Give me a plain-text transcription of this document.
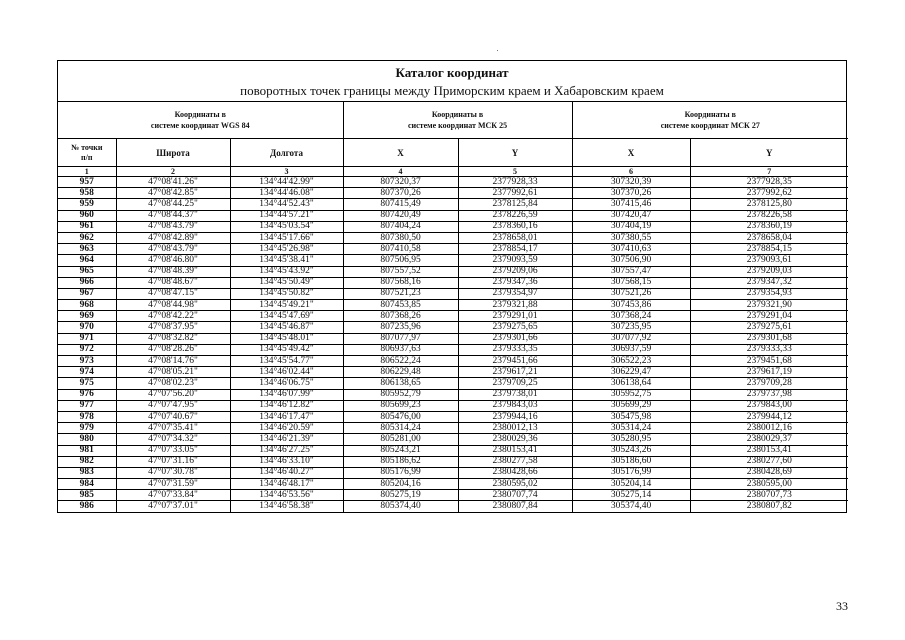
Каталог координат
поворотных точек границы между Приморским краем и Хабаровским краем
Координаты в
системе координат WGS 84			Координаты в
системе координат МСК 25		Координаты в
системе координат МСК 27	

№ точки
п/п	Широта	Долгота	X	Y	X	Y
1	2	3	4	5	6	7
957	47°08'41.26"	134°44'42.99"	807320,37	2377928,33	307320,39	2377928,35
958	47°08'42.85"	134°44'46.08"	807370,26	2377992,61	307370,26	2377992,62
959	47°08'44.25"	134°44'52.43"	807415,49	2378125,84	307415,46	2378125,80
960	47°08'44.37"	134°44'57.21"	807420,49	2378226,59	307420,47	2378226,58
961	47°08'43.79"	134°45'03.54"	807404,24	2378360,16	307404,19	2378360,19
962	47°08'42.89"	134°45'17.66"	807380,50	2378658,01	307380,55	2378658,04
963	47°08'43.79"	134°45'26.98"	807410,58	2378854,17	307410,63	2378854,15
964	47°08'46.80"	134°45'38.41"	807506,95	2379093,59	307506,90	2379093,61
965	47°08'48.39"	134°45'43.92"	807557,52	2379209,06	307557,47	2379209,03
966	47°08'48.67"	134°45'50.49"	807568,16	2379347,36	307568,15	2379347,32
967	47°08'47.15"	134°45'50.82"	807521,23	2379354,97	307521,26	2379354,93
968	47°08'44.98"	134°45'49.21"	807453,85	2379321,88	307453,86	2379321,90
969	47°08'42.22"	134°45'47.69"	807368,26	2379291,01	307368,24	2379291,04
970	47°08'37.95"	134°45'46.87"	807235,96	2379275,65	307235,95	2379275,61
971	47°08'32.82"	134°45'48.01"	807077,97	2379301,66	307077,92	2379301,68
972	47°08'28.26"	134°45'49.42"	806937,63	2379333,35	306937,59	2379333,33
973	47°08'14.76"	134°45'54.77"	806522,24	2379451,66	306522,23	2379451,68
974	47°08'05.21"	134°46'02.44"	806229,48	2379617,21	306229,47	2379617,19
975	47°08'02.23"	134°46'06.75"	806138,65	2379709,25	306138,64	2379709,28
976	47°07'56.20"	134°46'07.99"	805952,79	2379738,01	305952,75	2379737,98
977	47°07'47.95"	134°46'12.82"	805699,23	2379843,03	305699,29	2379843,00
978	47°07'40.67"	134°46'17.47"	805476,00	2379944,16	305475,98	2379944,12
979	47°07'35.41"	134°46'20.59"	805314,24	2380012,13	305314,24	2380012,16
980	47°07'34.32"	134°46'21.39"	805281,00	2380029,36	305280,95	2380029,37
981	47°07'33.05"	134°46'27.25"	805243,21	2380153,41	305243,26	2380153,41
982	47°07'31.16"	134°46'33.10"	805186,62	2380277,58	305186,60	2380277,60
983	47°07'30.78"	134°46'40.27"	805176,99	2380428,66	305176,99	2380428,69
984	47°07'31.59"	134°46'48.17"	805204,16	2380595,02	305204,14	2380595,00
985	47°07'33.84"	134°46'53.56"	805275,19	2380707,74	305275,14	2380707,73
986	47°07'37.01"	134°46'58.38"	805374,40	2380807,84	305374,40	2380807,82
33
